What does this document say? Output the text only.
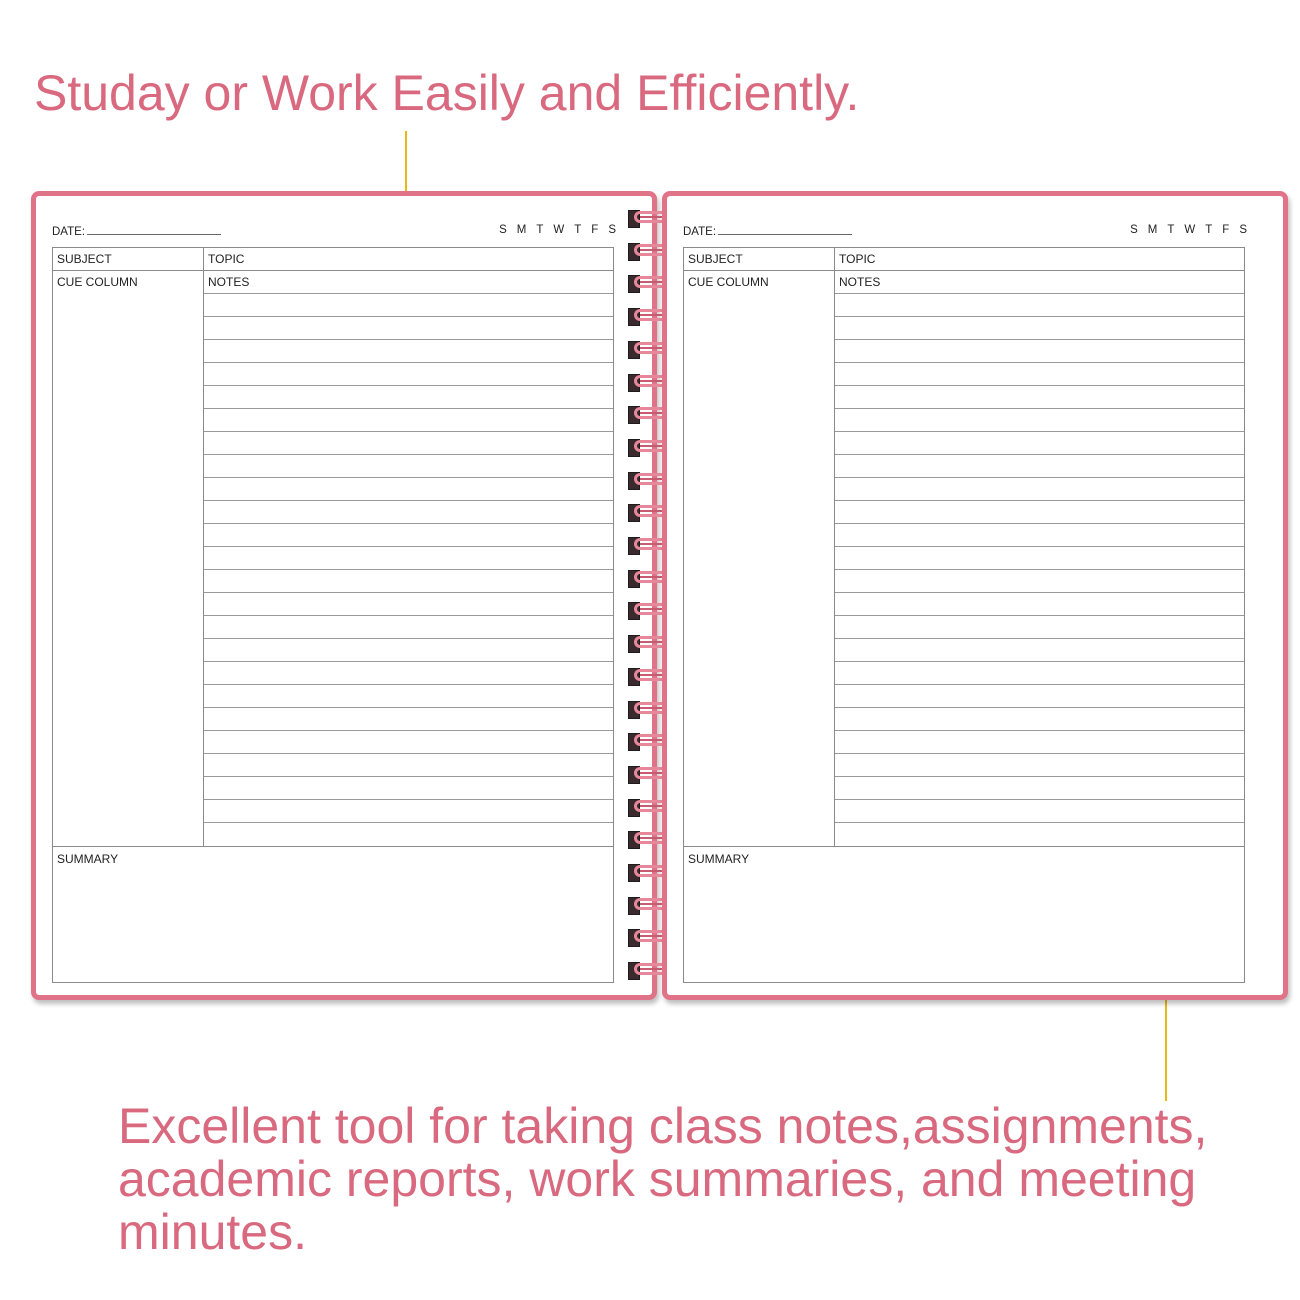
Studay or Work Easily and Efficiently.
DATE:	S M T W T F S
SUBJECT	TOPIC
CUE COLUMN	NOTES
SUMMARY
DATE:	S M T W T F S
SUBJECT	TOPIC
CUE COLUMN	NOTES
SUMMARY

Excellent tool for taking class notes,assignments, academic reports, work summaries, and meeting minutes.
